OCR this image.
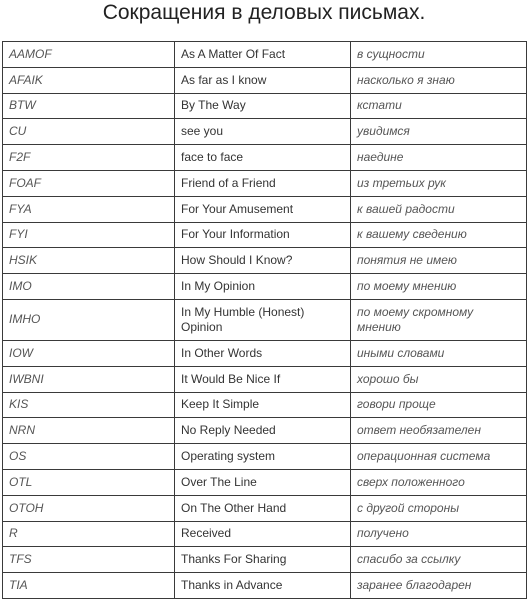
Сокращения в деловых письмах.
AAMOF	As A Matter Of Fact	в сущности
AFAIK	As far as I know	насколько я знаю
BTW	By The Way	кстати
CU	see you	увидимся
F2F	face to face	наедине
FOAF	Friend of a Friend	из третьих рук
FYA	For Your Amusement	к вашей радости
FYI	For Your Information	к вашему сведению
HSIK	How Should I Know?	понятия не имею
IMO	In My Opinion	по моему мнению
IMHO	In My Humble (Honest) Opinion	по моему скромному мнению
IOW	In Other Words	иными словами
IWBNI	It Would Be Nice If	хорошо бы
KIS	Keep It Simple	говори проще
NRN	No Reply Needed	ответ необязателен
OS	Operating system	операционная система
OTL	Over The Line	сверх положенного
OTOH	On The Other Hand	с другой стороны
R	Received	получено
TFS	Thanks For Sharing	спасибо за ссылку
TIA	Thanks in Advance	заранее благодарен
